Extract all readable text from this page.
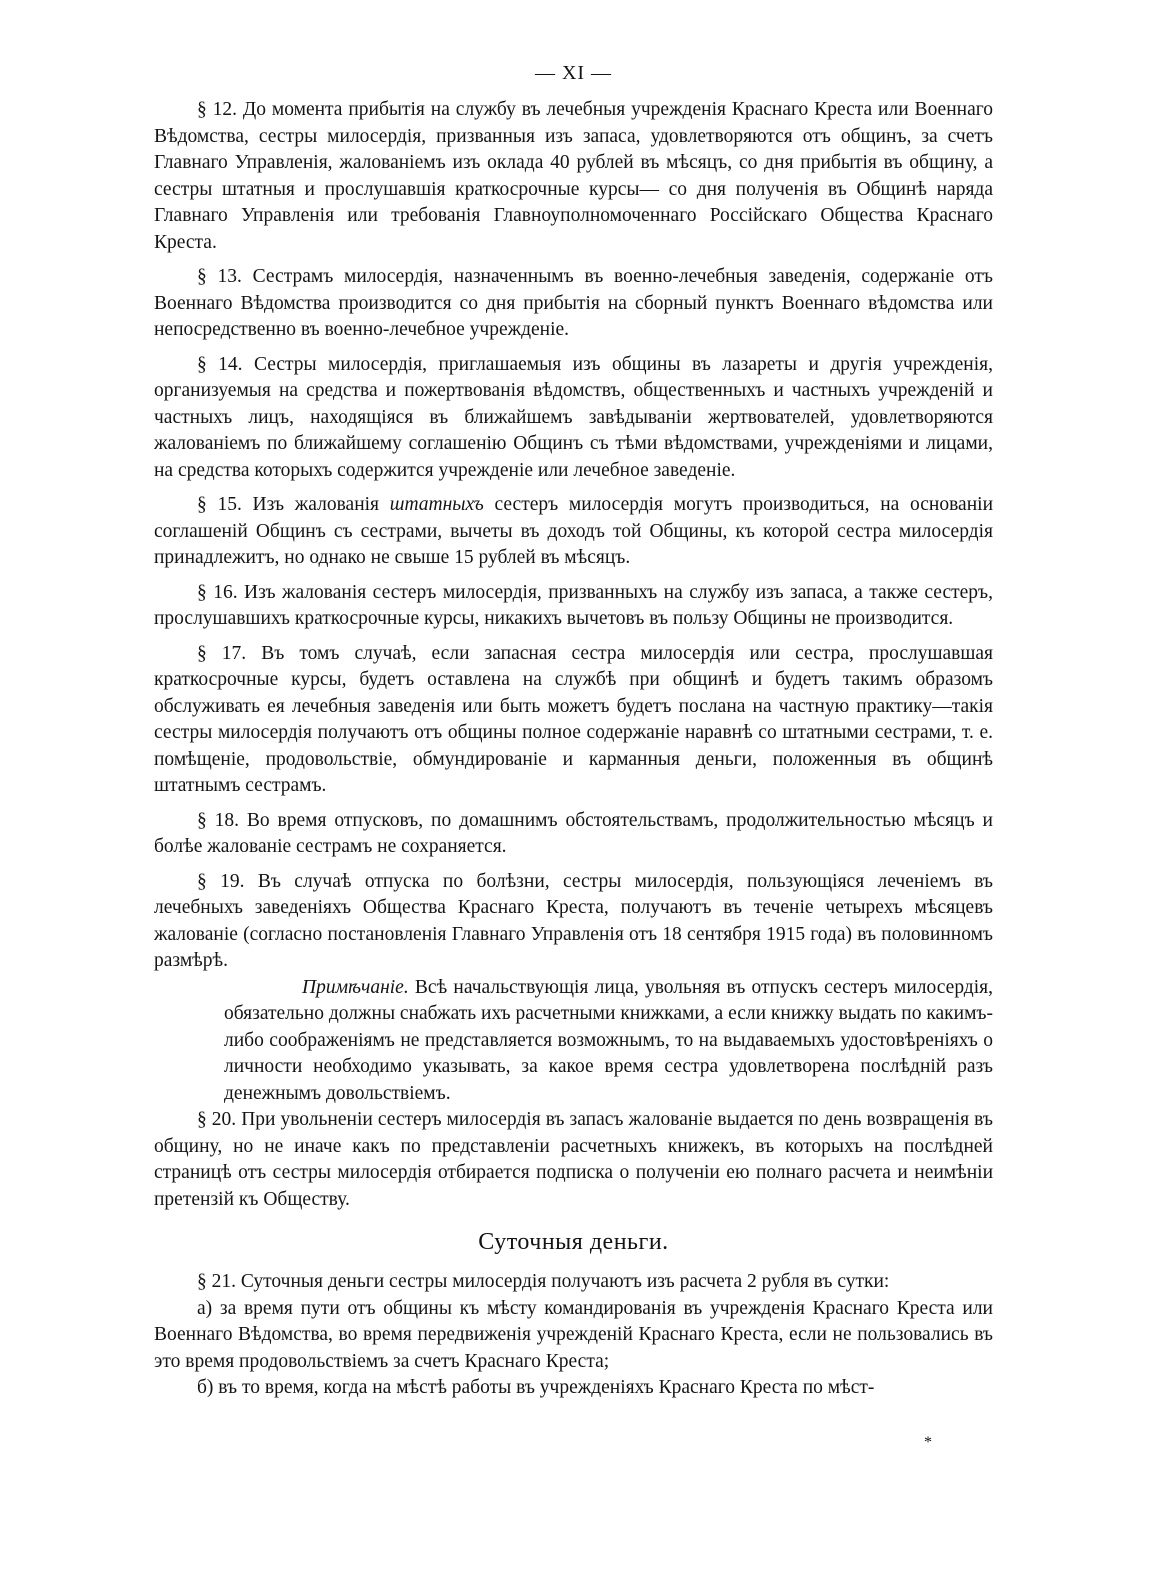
— XI —

§ 12. До момента прибытія на службу въ лечебныя учрежденія Краснаго Креста или Военнаго Вѣдомства, сестры милосердія, призванныя изъ запаса, удовлетворяются отъ общинъ, за счетъ Главнаго Управленія, жалованіемъ изъ оклада 40 рублей въ мѣсяцъ, со дня прибытія въ общину, а сестры штатныя и прослушавшія краткосрочные курсы— со дня полученія въ Общинѣ наряда Главнаго Управленія или требованія Главноуполномоченнаго Россійскаго Общества Краснаго Креста.

§ 13. Сестрамъ милосердія, назначеннымъ въ военно-лечебныя заведенія, содержаніе отъ Военнаго Вѣдомства производится со дня прибытія на сборный пунктъ Военнаго вѣдомства или непосредственно въ военно-лечебное учрежденіе.

§ 14. Сестры милосердія, приглашаемыя изъ общины въ лазареты и другія учрежденія, организуемыя на средства и пожертвованія вѣдомствъ, общественныхъ и частныхъ учрежденій и частныхъ лицъ, находящіяся въ ближайшемъ завѣдываніи жертвователей, удовлетворяются жалованіемъ по ближайшему соглашенію Общинъ съ тѣми вѣдомствами, учрежденіями и лицами, на средства которыхъ содержится учрежденіе или лечебное заведеніе.

§ 15. Изъ жалованія штатныхъ сестеръ милосердія могутъ производиться, на основаніи соглашеній Общинъ съ сестрами, вычеты въ доходъ той Общины, къ которой сестра милосердія принадлежитъ, но однако не свыше 15 рублей въ мѣсяцъ.

§ 16. Изъ жалованія сестеръ милосердія, призванныхъ на службу изъ запаса, а также сестеръ, прослушавшихъ краткосрочные курсы, никакихъ вычетовъ въ пользу Общины не производится.

§ 17. Въ томъ случаѣ, если запасная сестра милосердія или сестра, прослушавшая краткосрочные курсы, будетъ оставлена на службѣ при общинѣ и будетъ такимъ образомъ обслуживать ея лечебныя заведенія или быть можетъ будетъ послана на частную практику—такія сестры милосердія получаютъ отъ общины полное содержаніе наравнѣ со штатными сестрами, т. е. помѣщеніе, продовольствіе, обмундированіе и карманныя деньги, положенныя въ общинѣ штатнымъ сестрамъ.

§ 18. Во время отпусковъ, по домашнимъ обстоятельствамъ, продолжительностью мѣсяцъ и болѣе жалованіе сестрамъ не сохраняется.

§ 19. Въ случаѣ отпуска по болѣзни, сестры милосердія, пользующіяся леченіемъ въ лечебныхъ заведеніяхъ Общества Краснаго Креста, получаютъ въ теченіе четырехъ мѣсяцевъ жалованіе (согласно постановленія Главнаго Управленія отъ 18 сентября 1915 года) въ половинномъ размѣрѣ.

Примѣчаніе. Всѣ начальствующія лица, увольняя въ отпускъ сестеръ милосердія, обязательно должны снабжать ихъ расчетными книжками, а если книжку выдать по какимъ-либо соображеніямъ не представляется возможнымъ, то на выдаваемыхъ удостовѣреніяхъ о личности необходимо указывать, за какое время сестра удовлетворена послѣдній разъ денежнымъ довольствіемъ.

§ 20. При увольненіи сестеръ милосердія въ запасъ жалованіе выдается по день возвращенія въ общину, но не иначе какъ по представленіи расчетныхъ книжекъ, въ которыхъ на послѣдней страницѣ отъ сестры милосердія отбирается подписка о полученіи ею полнаго расчета и неимѣніи претензій къ Обществу.

Суточныя деньги.

§ 21. Суточныя деньги сестры милосердія получаютъ изъ расчета 2 рубля въ сутки:

а) за время пути отъ общины къ мѣсту командированія въ учрежденія Краснаго Креста или Военнаго Вѣдомства, во время передвиженія учрежденій Краснаго Креста, если не пользовались въ это время продовольствіемъ за счетъ Краснаго Креста;

б) въ то время, когда на мѣстѣ работы въ учрежденіяхъ Краснаго Креста по мѣст-

*
